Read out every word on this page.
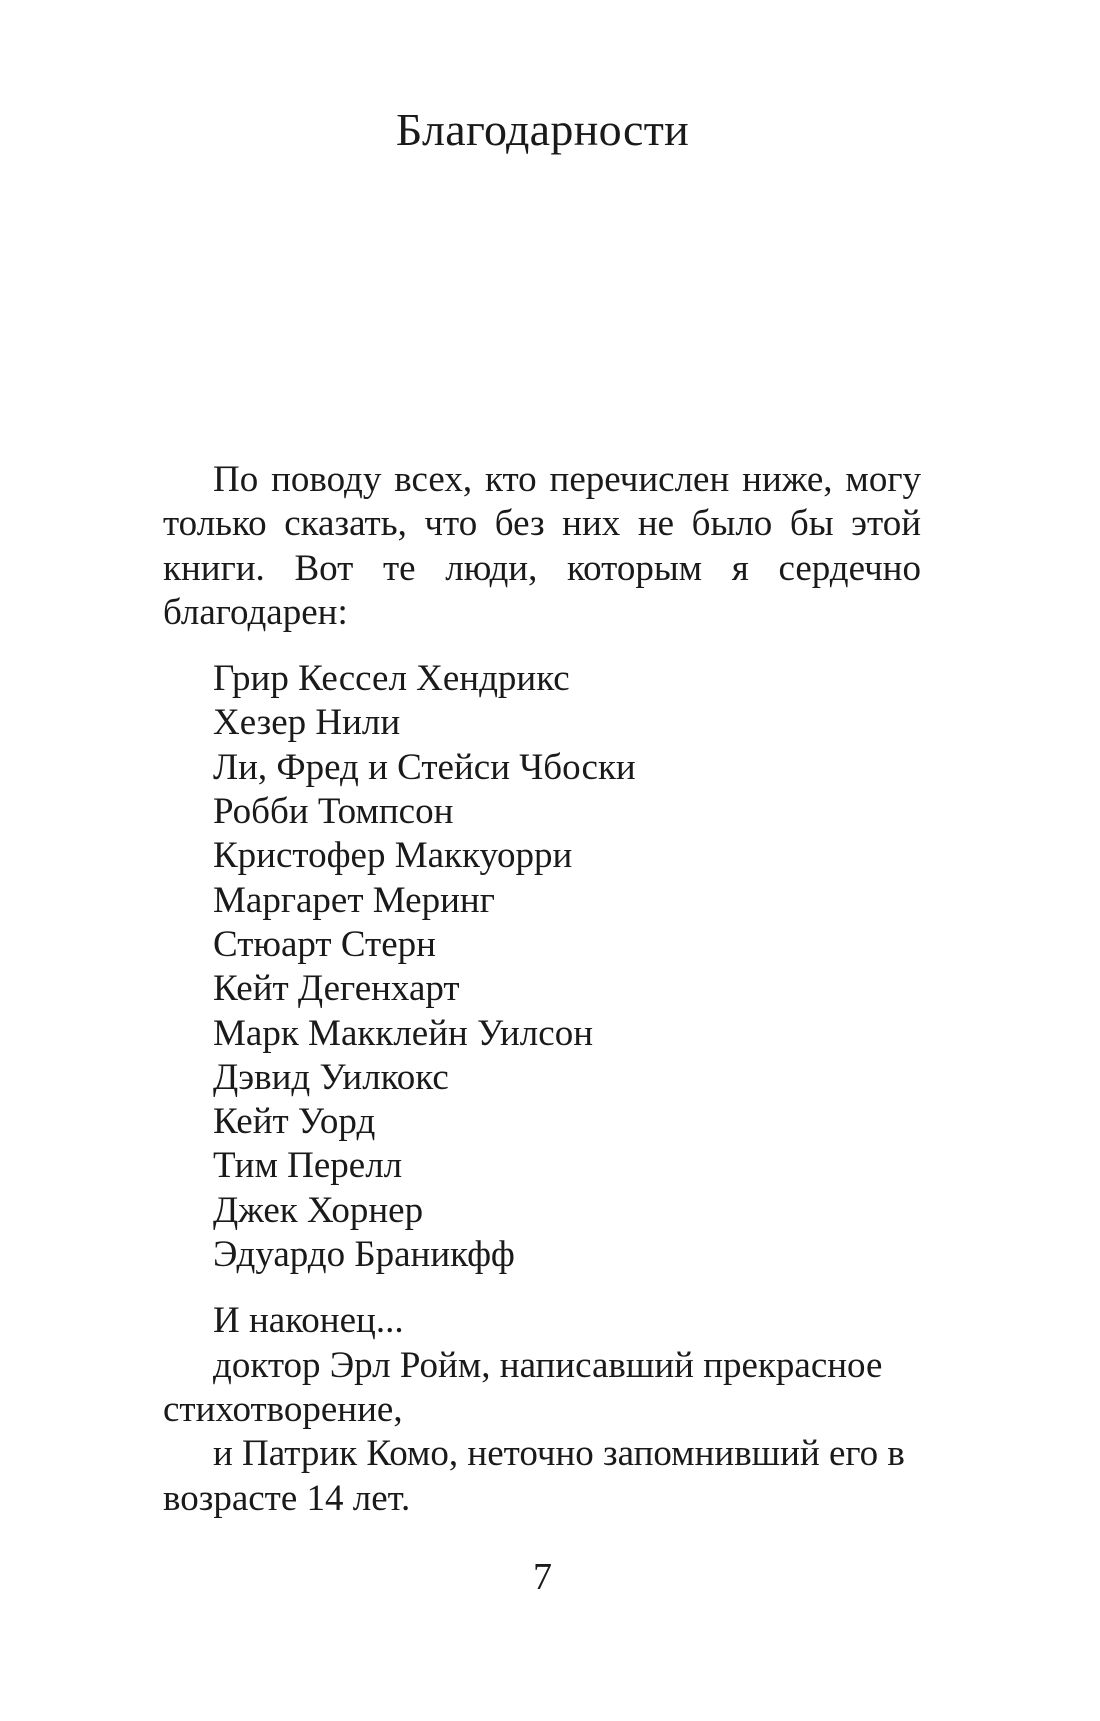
Благодарности

По поводу всех, кто перечислен ниже, могу только сказать, что без них не было бы этой книги. Вот те люди, которым я сердечно благодарен:

Грир Кессел Хендрикс
Хезер Нили
Ли, Фред и Стейси Чбоски
Робби Томпсон
Кристофер Маккуорри
Маргарет Меринг
Стюарт Стерн
Кейт Дегенхарт
Марк Макклейн Уилсон
Дэвид Уилкокс
Кейт Уорд
Тим Перелл
Джек Хорнер
Эдуардо Браникфф

И наконец...

доктор Эрл Ройм, написавший прекрасное стихотворение,

и Патрик Комо, неточно запомнивший его в возрасте 14 лет.

7
